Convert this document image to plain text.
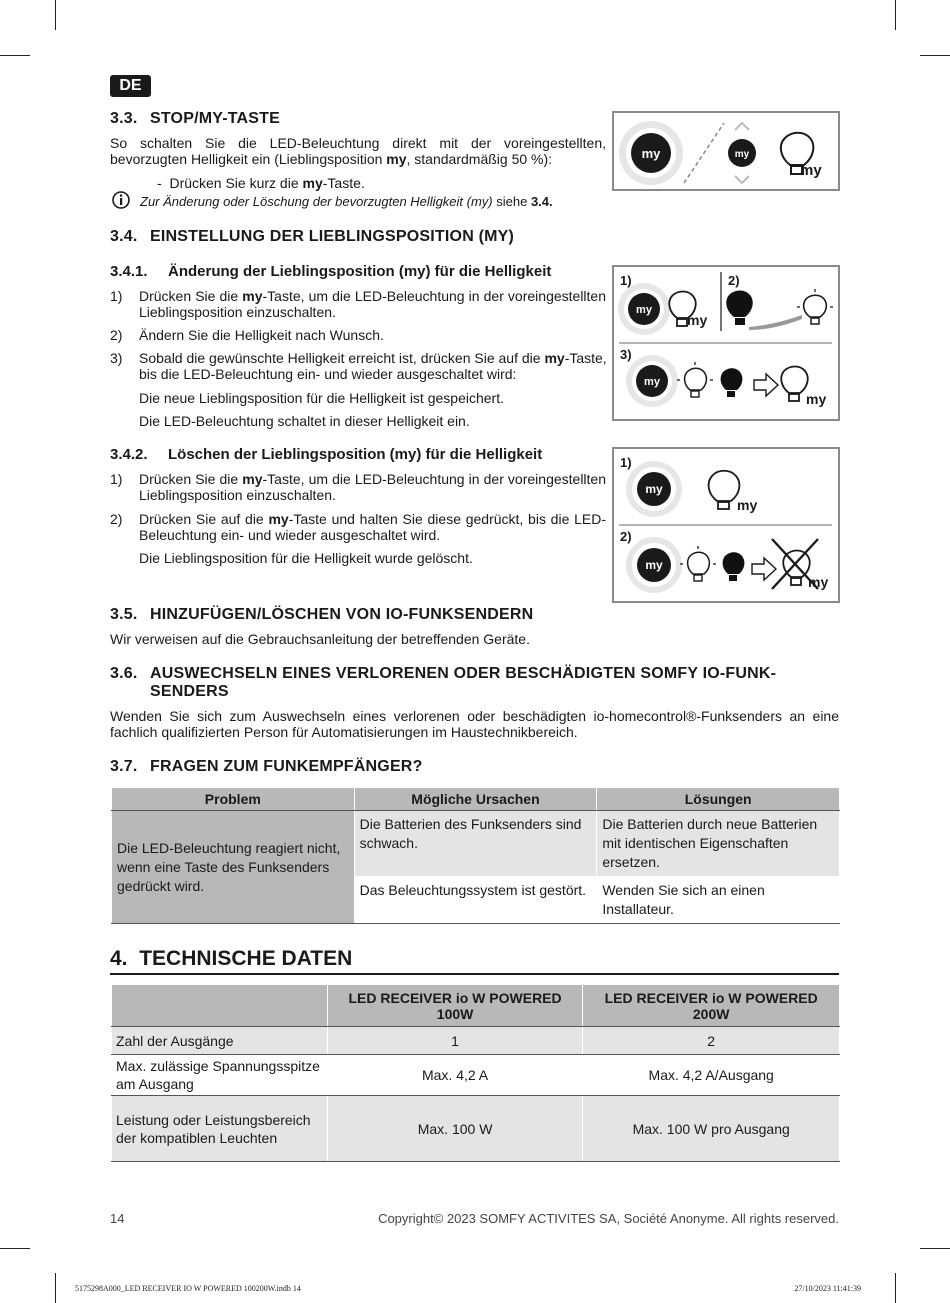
DE
3.3. STOP/MY-TASTE
So schalten Sie die LED-Beleuchtung direkt mit der voreingestellten, bevorzugten Helligkeit ein (Lieblingsposition my, standardmäßig 50 %):
- Drücken Sie kurz die my-Taste.
Zur Änderung oder Löschung der bevorzugten Helligkeit (my) siehe 3.4.
my	my
my
3.4. EINSTELLUNG DER LIEBLINGSPOSITION (MY)
3.4.1. Änderung der Lieblingsposition (my) für die Helligkeit
1) Drücken Sie die my-Taste, um die LED-Beleuchtung in der voreingestellten Lieblingsposition einzuschalten.
2) Ändern Sie die Helligkeit nach Wunsch.
3) Sobald die gewünschte Helligkeit erreicht ist, drücken Sie auf die my-Taste, bis die LED-Beleuchtung ein- und wieder ausgeschaltet wird:
Die neue Lieblingsposition für die Helligkeit ist gespeichert.
Die LED-Beleuchtung schaltet in dieser Helligkeit ein.
1)
my
my
2)
3)
my
my
3.4.2. Löschen der Lieblingsposition (my) für die Helligkeit
1) Drücken Sie die my-Taste, um die LED-Beleuchtung in der voreingestellten Lieblingsposition einzuschalten.
2) Drücken Sie auf die my-Taste und halten Sie diese gedrückt, bis die LED-Beleuchtung ein- und wieder ausgeschaltet wird.
Die Lieblingsposition für die Helligkeit wurde gelöscht.
1)
my
my
2)
my
my
3.5. HINZUFÜGEN/LÖSCHEN VON IO-FUNKSENDERN
Wir verweisen auf die Gebrauchsanleitung der betreffenden Geräte.
3.6. AUSWECHSELN EINES VERLORENEN ODER BESCHÄDIGTEN SOMFY IO-FUNK-
SENDERS
Wenden Sie sich zum Auswechseln eines verlorenen oder beschädigten io-homecontrol®-Funksenders an eine fachlich qualifizierten Person für Automatisierungen im Haustechnikbereich.
3.7. FRAGEN ZUM FUNKEMPFÄNGER?
Problem	Mögliche Ursachen	Lösungen
Die LED-Beleuchtung reagiert nicht, wenn eine Taste des Funksenders gedrückt wird.	Die Batterien des Funksenders sind schwach.	Die Batterien durch neue Batterien mit identischen Eigenschaften ersetzen.
	Das Beleuchtungssystem ist gestört.	Wenden Sie sich an einen Installateur.
4. TECHNISCHE DATEN
	LED RECEIVER io W POWERED 100W	LED RECEIVER io W POWERED 200W
Zahl der Ausgänge	1	2
Max. zulässige Spannungsspitze am Ausgang	Max. 4,2 A	Max. 4,2 A/Ausgang
Leistung oder Leistungsbereich der kompatiblen Leuchten	Max. 100 W	Max. 100 W pro Ausgang
14	Copyright© 2023 SOMFY ACTIVITES SA, Société Anonyme. All rights reserved.
5175298A000_LED RECEIVER IO W POWERED 100200W.indb 14	27/10/2023 11:41:39
